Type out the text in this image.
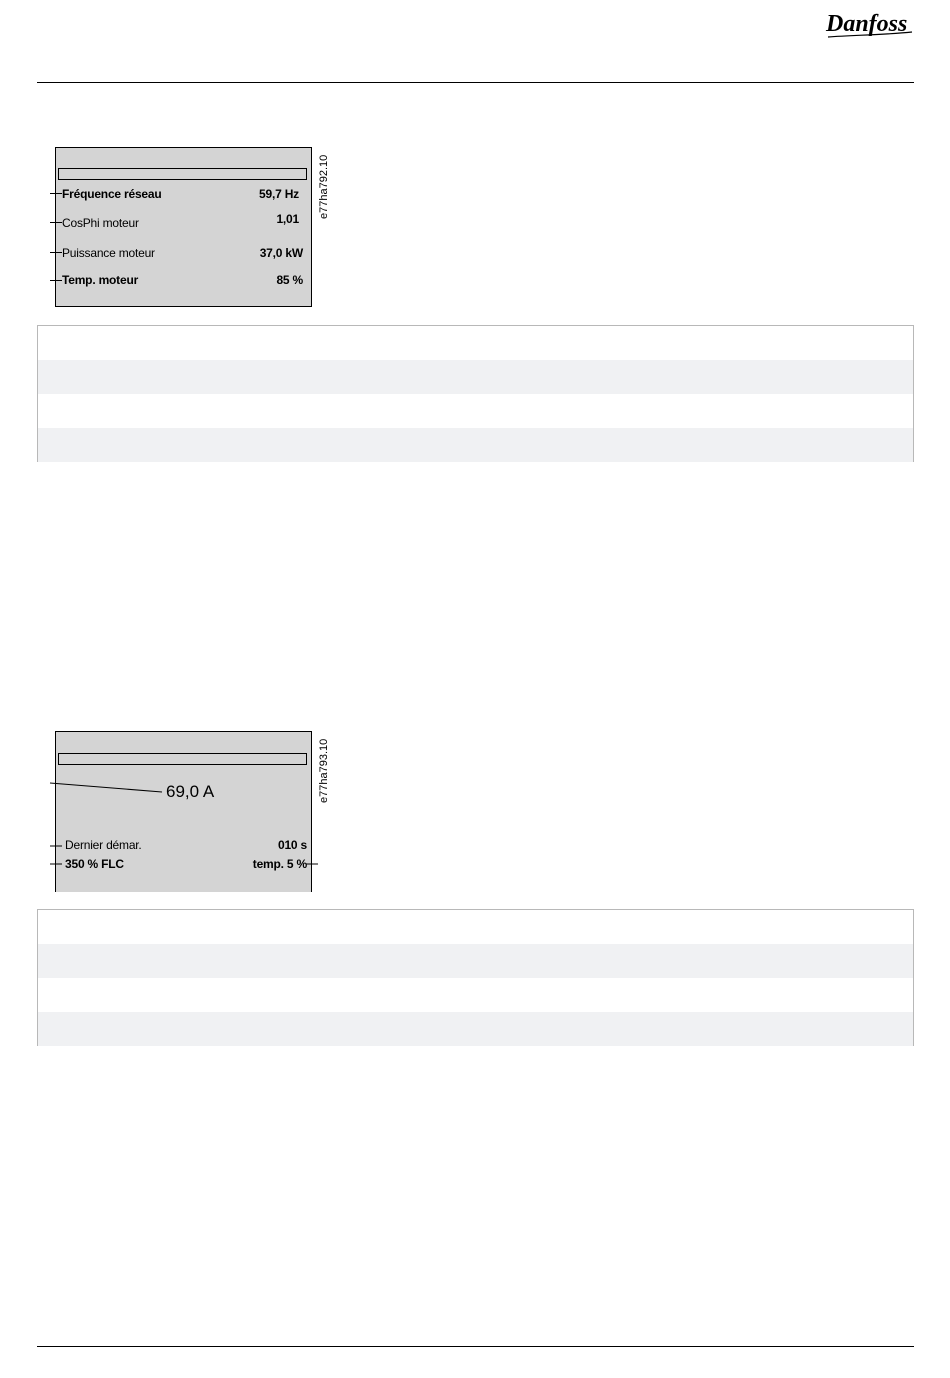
Danfoss
Fréquence réseau	59,7 Hz
CosPhi moteur	1,01
Puissance moteur	37,0 kW
Temp. moteur	85 %
e77ha792.10
69,0 A
Dernier démar.	010 s
350 % FLC	temp. 5 %
e77ha793.10
